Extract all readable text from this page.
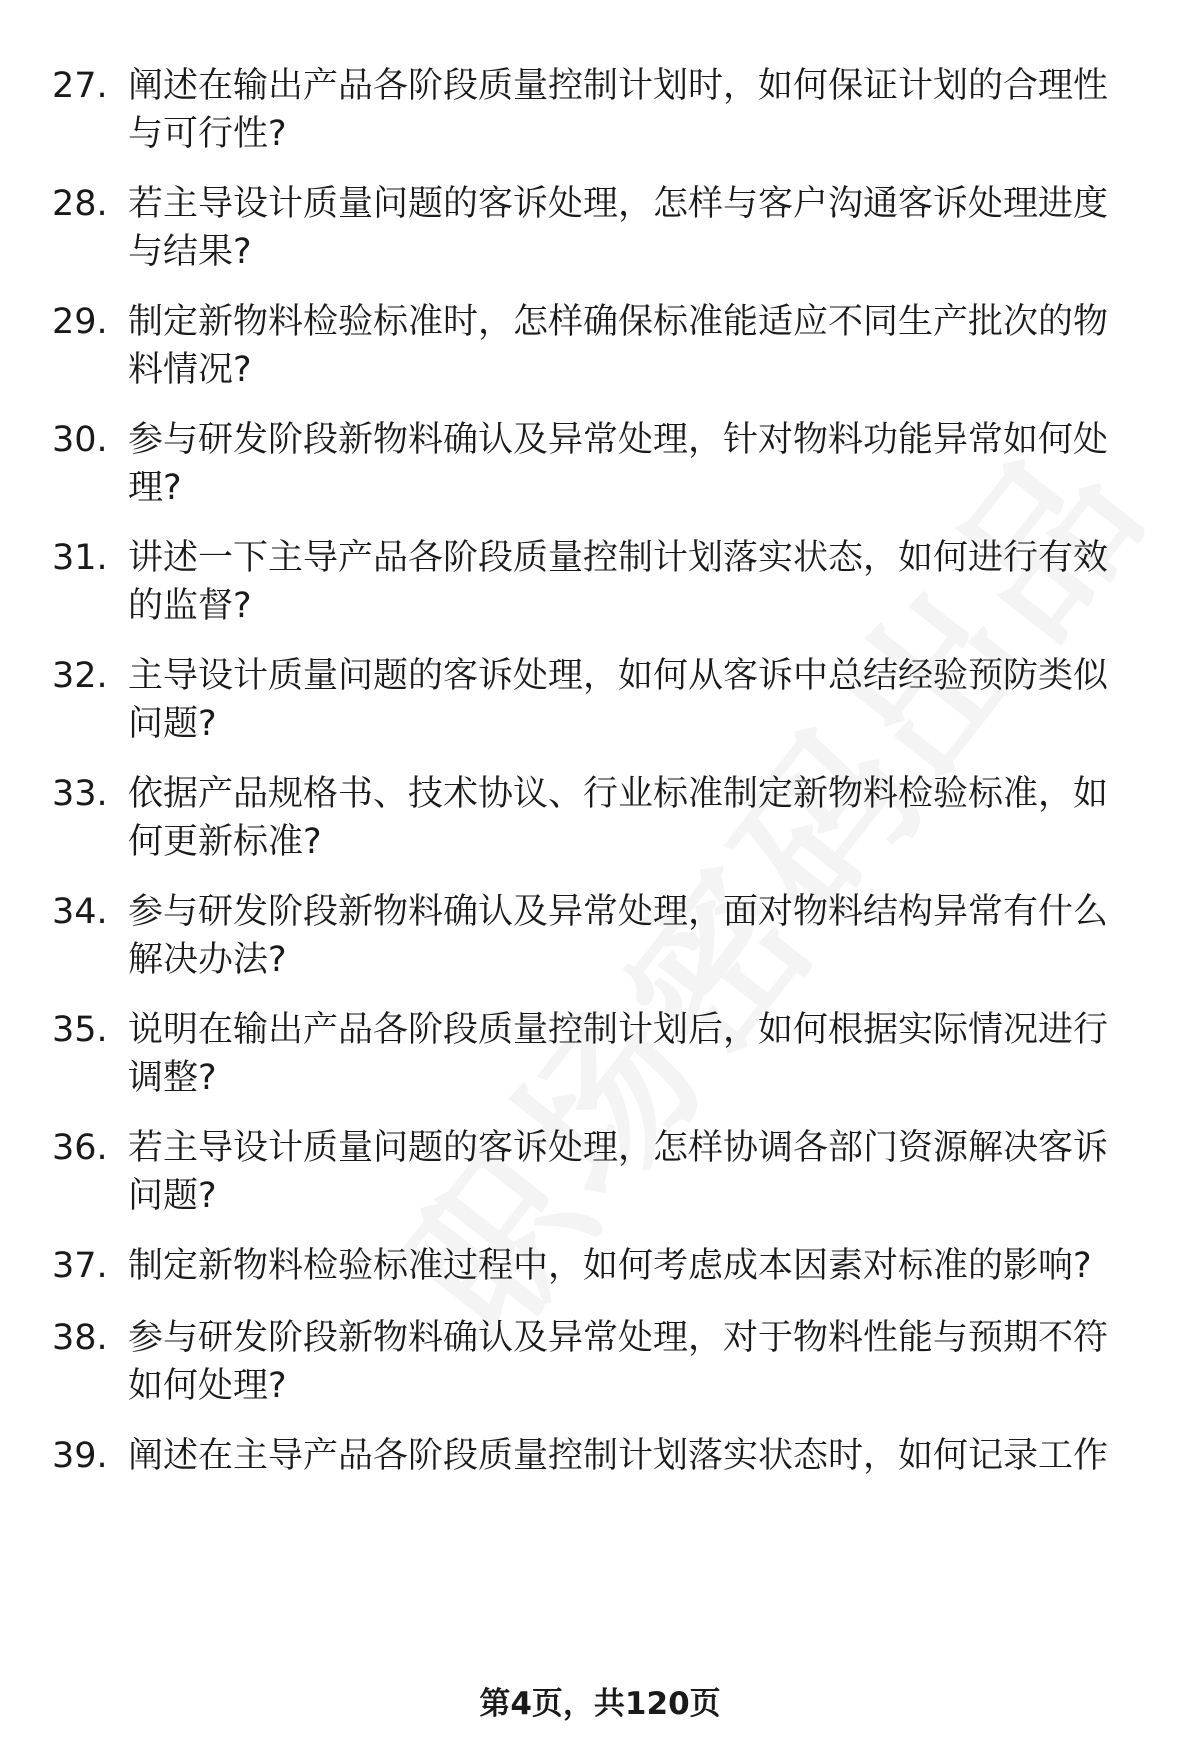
27. 阐述在输出产品各阶段质量控制计划时，如何保证计划的合理性与可行性?
28. 若主导设计质量问题的客诉处理，怎样与客户沟通客诉处理进度与结果?
29. 制定新物料检验标准时，怎样确保标准能适应不同生产批次的物料情况?
30. 参与研发阶段新物料确认及异常处理，针对物料功能异常如何处理?
31. 讲述一下主导产品各阶段质量控制计划落实状态，如何进行有效的监督?
32. 主导设计质量问题的客诉处理，如何从客诉中总结经验预防类似问题?
33. 依据产品规格书、技术协议、行业标准制定新物料检验标准，如何更新标准?
34. 参与研发阶段新物料确认及异常处理，面对物料结构异常有什么解决办法?
35. 说明在输出产品各阶段质量控制计划后，如何根据实际情况进行调整?
36. 若主导设计质量问题的客诉处理，怎样协调各部门资源解决客诉问题?
37. 制定新物料检验标准过程中，如何考虑成本因素对标准的影响?
38. 参与研发阶段新物料确认及异常处理，对于物料性能与预期不符如何处理?
39. 阐述在主导产品各阶段质量控制计划落实状态时，如何记录工作
第4页，共120页
